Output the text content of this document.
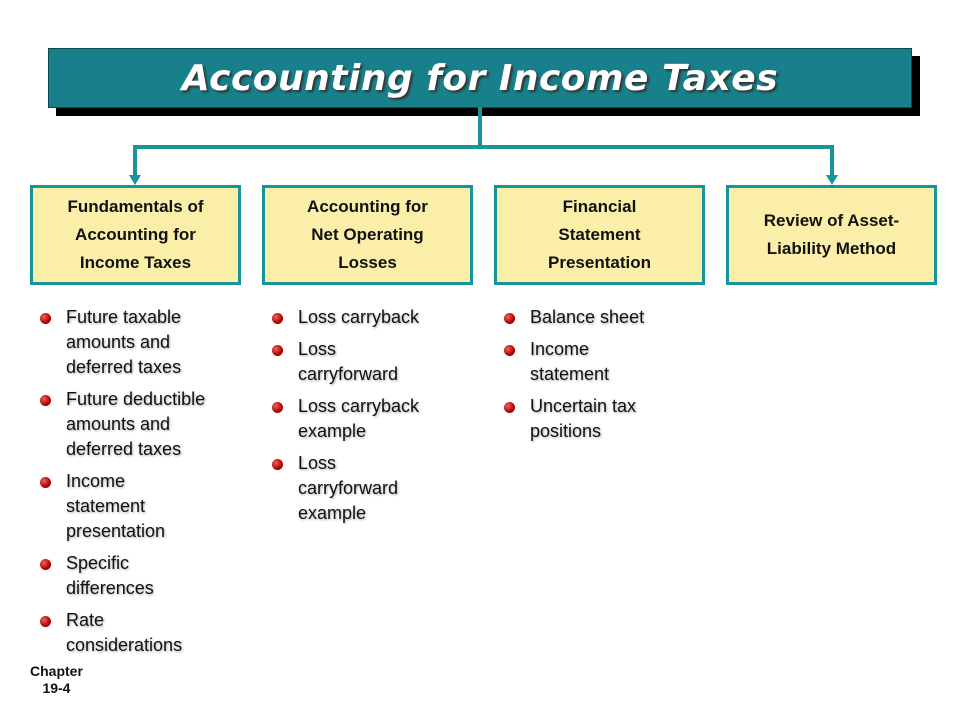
Accounting for Income Taxes
Fundamentals of
Accounting for
Income Taxes
Accounting for
Net Operating
Losses
Financial
Statement
Presentation
Review of Asset-
Liability Method
Future taxable
amounts and
deferred taxes
Future deductible
amounts and
deferred taxes
Income
statement
presentation
Specific
differences
Rate
considerations
Loss carryback
Loss
carryforward
Loss carryback
example
Loss
carryforward
example
Balance sheet
Income
statement
Uncertain tax
positions
Chapter
19-4
